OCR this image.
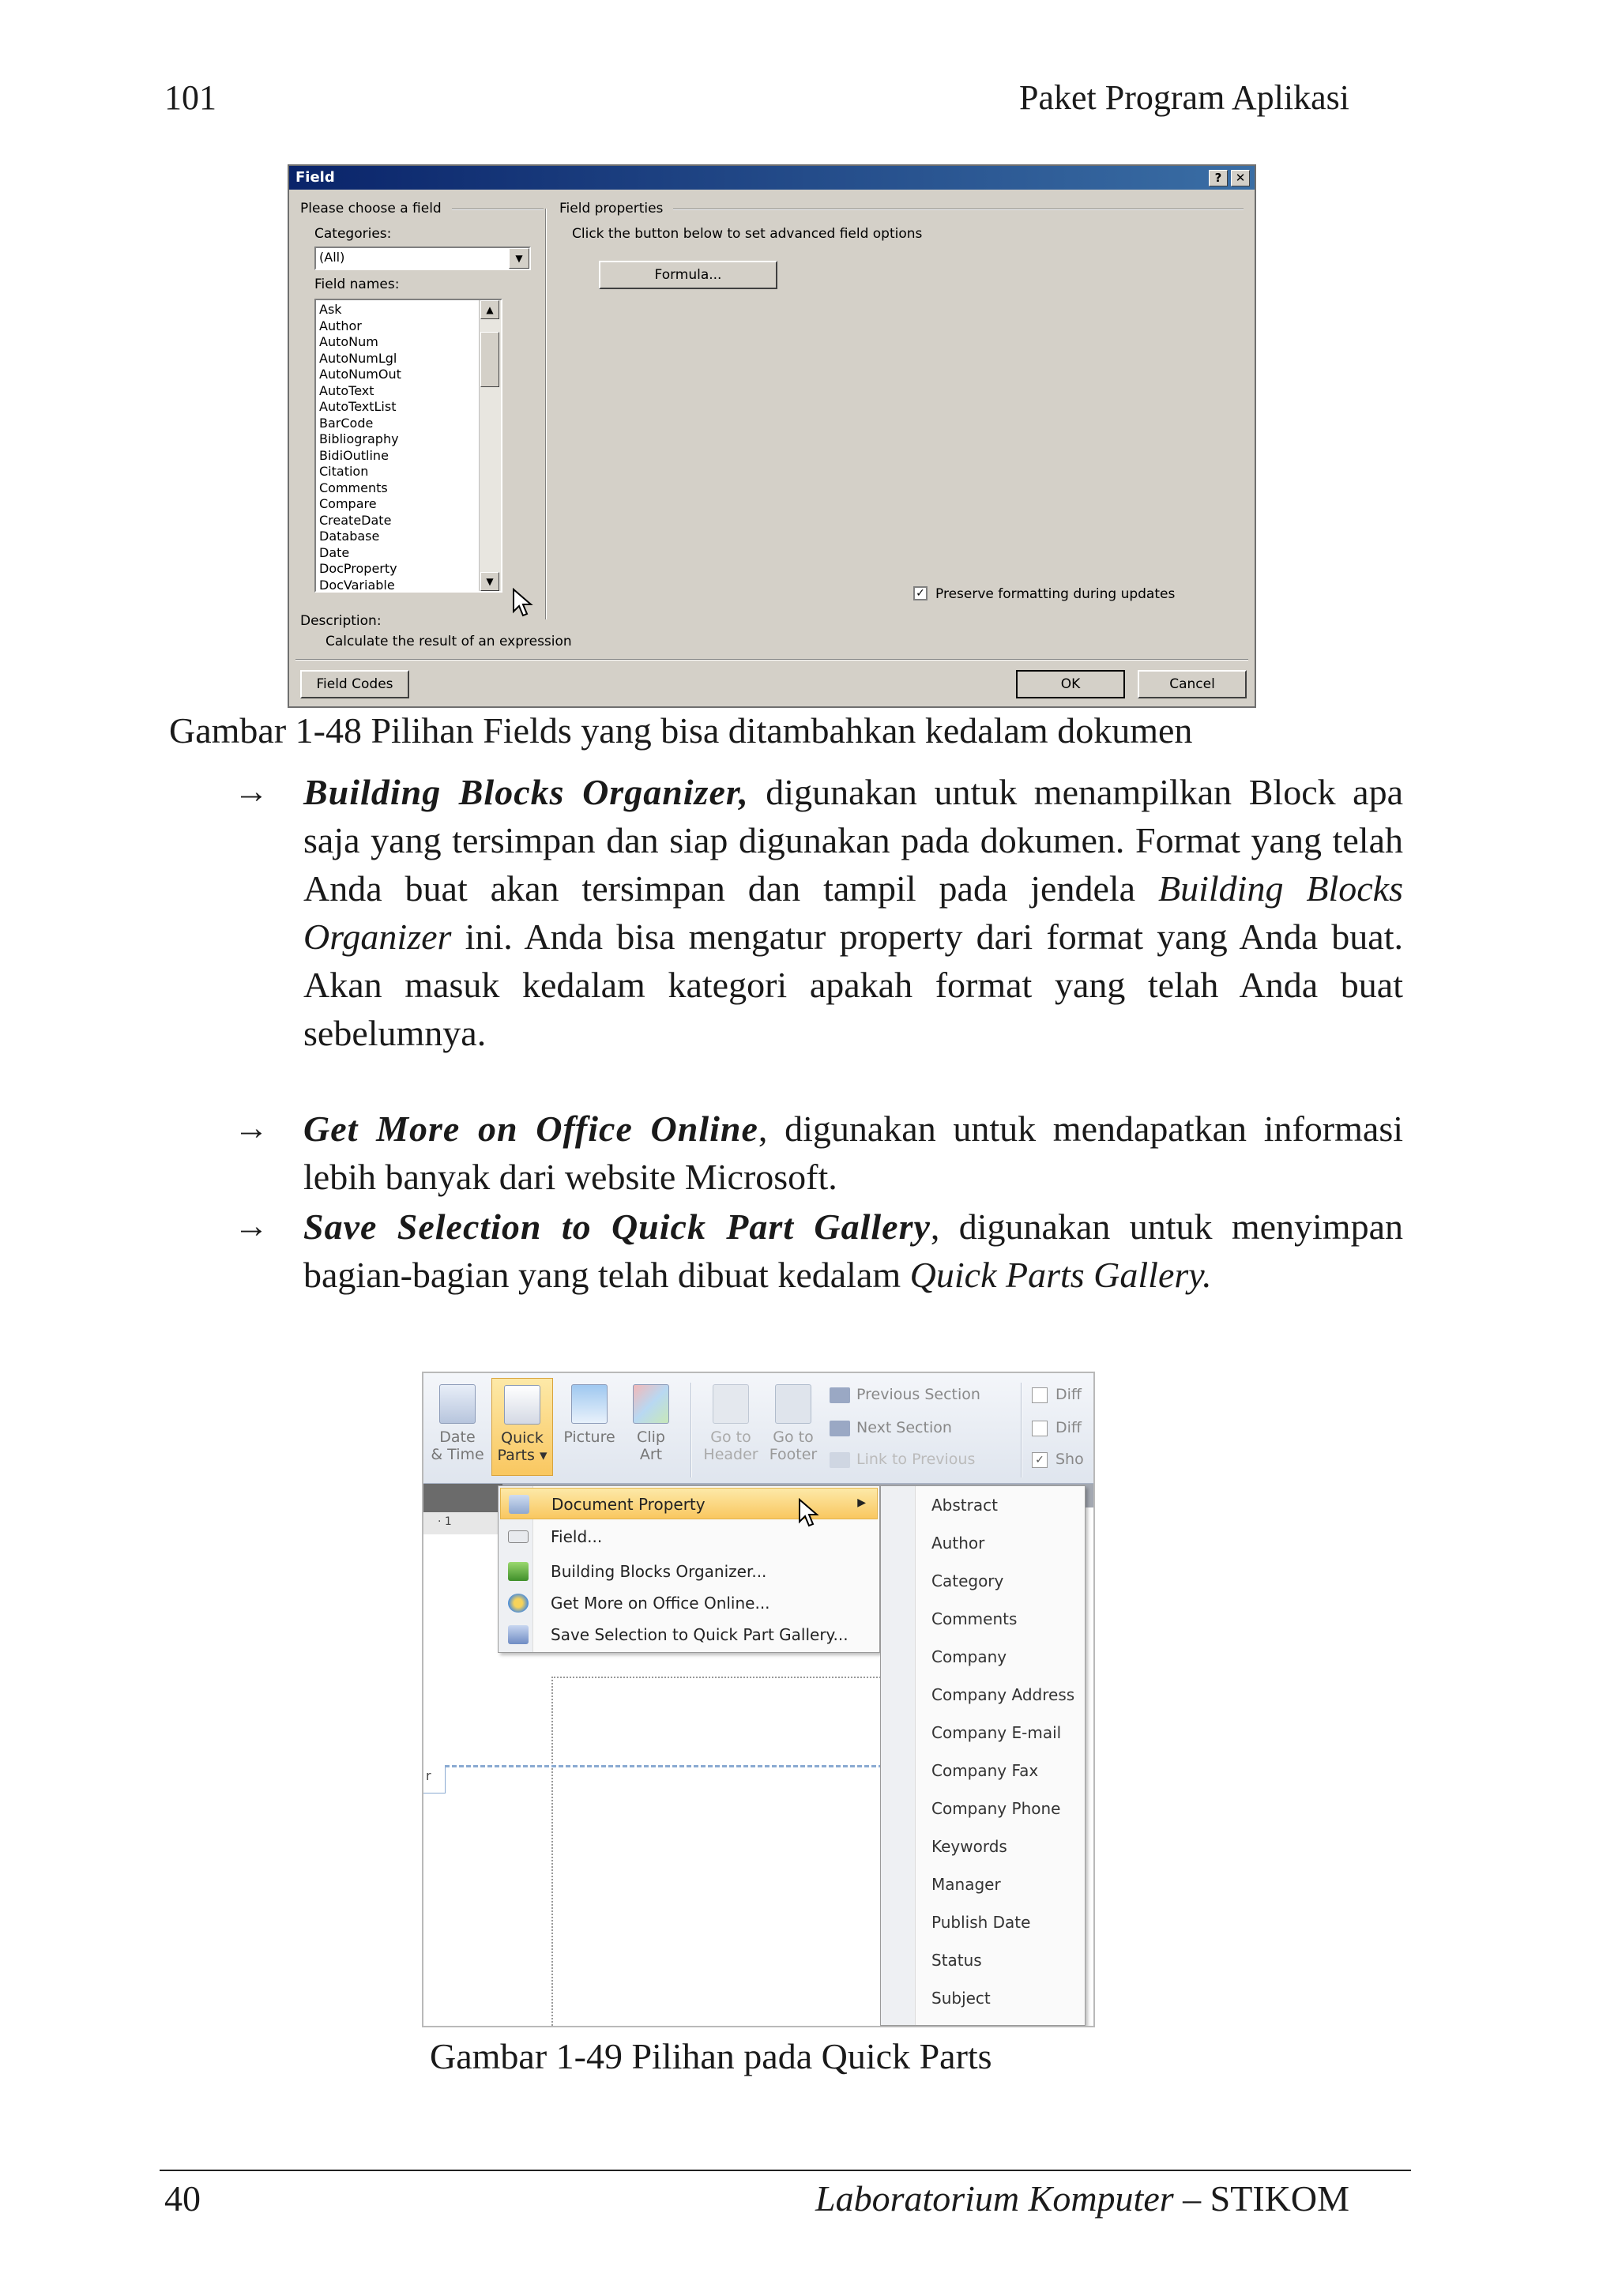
101	Paket Program Aplikasi
Field	?	✕
Please choose a field
Categories:
(All)	▼
Field names:
Ask
Author
AutoNum
AutoNumLgl
AutoNumOut
AutoText
AutoTextList
BarCode
Bibliography
BidiOutline
Citation
Comments
Compare
CreateDate
Database
Date
DocProperty
DocVariable
▲
▼
Field properties
Click the button below to set advanced field options
Formula...
✓ Preserve formatting during updates
Description:
Calculate the result of an expression
Field Codes	OK	Cancel
Gambar 1-48 Pilihan Fields yang bisa ditambahkan kedalam dokumen
→ Building Blocks Organizer, digunakan untuk menampilkan Block apa saja yang tersimpan dan siap digunakan pada dokumen. Format yang telah Anda buat akan tersimpan dan tampil pada jendela Building Blocks Organizer ini. Anda bisa mengatur property dari format yang Anda buat. Akan masuk kedalam kategori apakah format yang telah Anda buat sebelumnya.
→ Get More on Office Online, digunakan untuk mendapatkan informasi lebih banyak dari website Microsoft.
→ Save Selection to Quick Part Gallery, digunakan untuk menyimpan bagian-bagian yang telah dibuat kedalam Quick Parts Gallery.
Date
& Time
Quick
Parts ▾
Picture	Clip
Art
Go to
Header
Go to
Footer
Previous Section
Next Section
Link to Previous
Diff
Diff
✓ Sho
· 1
r
Document Property	▶
Field...
Building Blocks Organizer...
Get More on Office Online...
Save Selection to Quick Part Gallery...
Abstract
Author
Category
Comments
Company
Company Address
Company E-mail
Company Fax
Company Phone
Keywords
Manager
Publish Date
Status
Subject
Gambar 1-49 Pilihan pada Quick Parts
40	Laboratorium Komputer – STIKOM
